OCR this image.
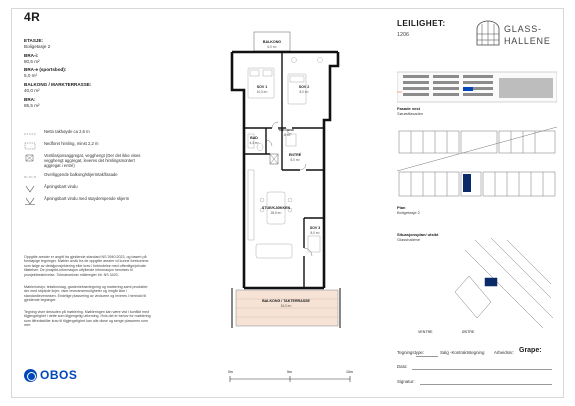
4R
ETASJE:
Boligetasje 2
BRA-i:
80,5 m²
BRA-e (sportsbod):
5,0 m²
BALKONG / MARKTERRASSE:
40,0 m²
BRA:
85,5 m²
Netto takhøyde ca 2,6 m
Nedforet himling, minst 2,2 m
Ventilasjonsaggregat, vegghengt (Der det ikke vises vegghengt aggregat, leveres det himlingsmontert aggregat i entré)
Overliggende balkong/skjermtak/fasade
Åpningsbart vindu
Åpningsbart vindu med støydempende skjerm
Oppgitte arealer er angitt fra gjeldende standard NS 3940:2023, og basert på foreløpige tegninger. Møbler avvik fra de oppgitte arealer vil kunne forekomme som følge av detaljprosjektering eller krav i forbindelse med offentlige/private tillatelser. De prosjekt-informasjon utfyllende informasjon henvises til prosjektbeskrivelse. Toleransekrav måleregler iht. NS 3420.
Møbler/utstyr, tekstinnslag, gardeniebrøvtegning og markering samt produkter der med stiplede linjer, viser leveransemuligheter og inngår ikke i standardleveransen. Endelige plassering av vinduene og leveres i henhold til gjeldende tegninger.
Tegning viser dessuten på møblering. Møbleringen kan være vist i konflikt med tilgjengelighet i dette som tilgjengelig utforming. Hvis det er behov for møblering som tilfredsstiller krav til tilgjengelighet kan alle disse og senge plasseres som mer.
OBOS
BALKONG
6,0 m²
SOV 1
10,0 m²
SOV 2
8,0 m²
TØR / BOD
1,8 m²
BAD
4,4 m²
ENTRÉ
8,0 m²
STUE/KJØKKEN
28,5 m²
SOV 3
8,0 m²
BALKONG / TAKTERRASSE
34,0 m²
0m	5m	10m
LEILIGHET:
1206
GLASS-
HALLENE
Fasade vest
Sørøstfasaden
Plan
Boligetasje 2
Situasjonsplan/ utsikt
Glasshallene
VENTRE	ØSTRE
Tegningstype:	Salg -Kontraktstegning Arbeidsnr: Grape:
Dato:
Signatur:
